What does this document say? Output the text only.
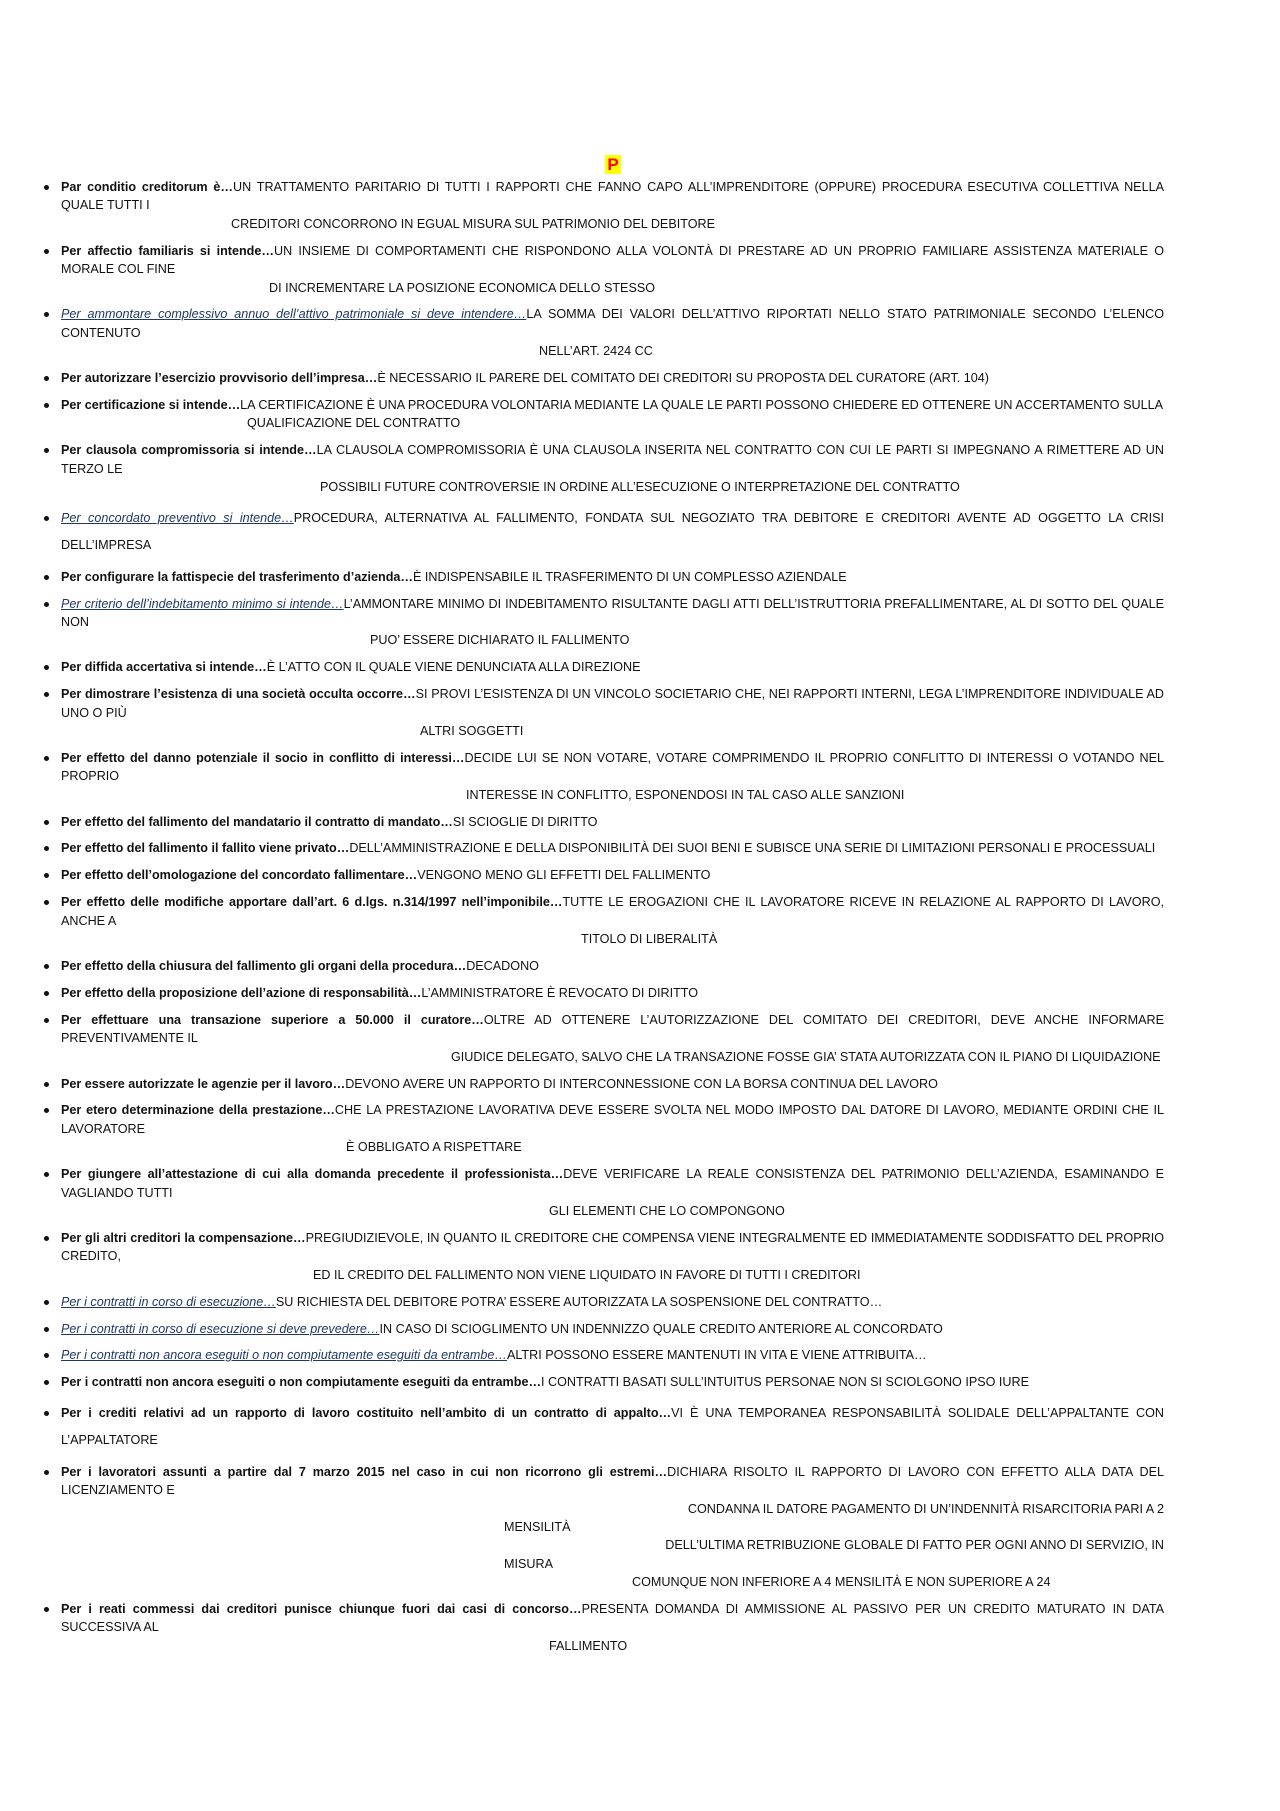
P
Par conditio creditorum è…UN TRATTAMENTO PARITARIO DI TUTTI I RAPPORTI CHE FANNO CAPO ALL’IMPRENDITORE (OPPURE) PROCEDURA ESECUTIVA COLLETTIVA NELLA QUALE TUTTI I
CREDITORI CONCORRONO IN EGUAL MISURA SUL PATRIMONIO DEL DEBITORE
Per affectio familiaris si intende…UN INSIEME DI COMPORTAMENTI CHE RISPONDONO ALLA VOLONTÀ DI PRESTARE AD UN PROPRIO FAMILIARE ASSISTENZA MATERIALE O MORALE COL FINE
DI INCREMENTARE LA POSIZIONE ECONOMICA DELLO STESSO
Per ammontare complessivo annuo dell’attivo patrimoniale si deve intendere…LA SOMMA DEI VALORI DELL’ATTIVO RIPORTATI NELLO STATO PATRIMONIALE SECONDO L’ELENCO CONTENUTO
NELL’ART. 2424 CC
Per autorizzare l’esercizio provvisorio dell’impresa…È NECESSARIO IL PARERE DEL COMITATO DEI CREDITORI SU PROPOSTA DEL CURATORE (ART. 104)
Per certificazione si intende…LA CERTIFICAZIONE È UNA PROCEDURA VOLONTARIA MEDIANTE LA QUALE LE PARTI POSSONO CHIEDERE ED OTTENERE UN ACCERTAMENTO SULLA
QUALIFICAZIONE DEL CONTRATTO
Per clausola compromissoria si intende…LA CLAUSOLA COMPROMISSORIA È UNA CLAUSOLA INSERITA NEL CONTRATTO CON CUI LE PARTI SI IMPEGNANO A RIMETTERE AD UN TERZO LE
POSSIBILI FUTURE CONTROVERSIE IN ORDINE ALL’ESECUZIONE O INTERPRETAZIONE DEL CONTRATTO
Per concordato preventivo si intende…PROCEDURA, ALTERNATIVA AL FALLIMENTO, FONDATA SUL NEGOZIATO TRA DEBITORE E CREDITORI AVENTE AD OGGETTO LA CRISI DELL’IMPRESA
Per configurare la fattispecie del trasferimento d’azienda…È INDISPENSABILE IL TRASFERIMENTO DI UN COMPLESSO AZIENDALE
Per criterio dell’indebitamento minimo si intende…L’AMMONTARE MINIMO DI INDEBITAMENTO RISULTANTE DAGLI ATTI DELL’ISTRUTTORIA PREFALLIMENTARE, AL DI SOTTO DEL QUALE NON
PUO’ ESSERE DICHIARATO IL FALLIMENTO
Per diffida accertativa si intende…È L’ATTO CON IL QUALE VIENE DENUNCIATA ALLA DIREZIONE
Per dimostrare l’esistenza di una società occulta occorre…SI PROVI L’ESISTENZA DI UN VINCOLO SOCIETARIO CHE, NEI RAPPORTI INTERNI, LEGA L’IMPRENDITORE INDIVIDUALE AD UNO O PIÙ
ALTRI SOGGETTI
Per effetto del danno potenziale il socio in conflitto di interessi…DECIDE LUI SE NON VOTARE, VOTARE COMPRIMENDO IL PROPRIO CONFLITTO DI INTERESSI O VOTANDO NEL PROPRIO
INTERESSE IN CONFLITTO, ESPONENDOSI IN TAL CASO ALLE SANZIONI
Per effetto del fallimento del mandatario il contratto di mandato…SI SCIOGLIE DI DIRITTO
Per effetto del fallimento il fallito viene privato…DELL’AMMINISTRAZIONE E DELLA DISPONIBILITÀ DEI SUOI BENI E SUBISCE UNA SERIE DI LIMITAZIONI PERSONALI E PROCESSUALI
Per effetto dell’omologazione del concordato fallimentare…VENGONO MENO GLI EFFETTI DEL FALLIMENTO
Per effetto delle modifiche apportare dall’art. 6 d.lgs. n.314/1997 nell’imponibile…TUTTE LE EROGAZIONI CHE IL LAVORATORE RICEVE IN RELAZIONE AL RAPPORTO DI LAVORO, ANCHE A
TITOLO DI LIBERALITÀ
Per effetto della chiusura del fallimento gli organi della procedura…DECADONO
Per effetto della proposizione dell’azione di responsabilità…L’AMMINISTRATORE È REVOCATO DI DIRITTO
Per effettuare una transazione superiore a 50.000 il curatore…OLTRE AD OTTENERE L’AUTORIZZAZIONE DEL COMITATO DEI CREDITORI, DEVE ANCHE INFORMARE PREVENTIVAMENTE IL
GIUDICE DELEGATO, SALVO CHE LA TRANSAZIONE FOSSE GIA’ STATA AUTORIZZATA CON IL PIANO DI LIQUIDAZIONE
Per essere autorizzate le agenzie per il lavoro…DEVONO AVERE UN RAPPORTO DI INTERCONNESSIONE CON LA BORSA CONTINUA DEL LAVORO
Per etero determinazione della prestazione…CHE LA PRESTAZIONE LAVORATIVA DEVE ESSERE SVOLTA NEL MODO IMPOSTO DAL DATORE DI LAVORO, MEDIANTE ORDINI CHE IL LAVORATORE
È OBBLIGATO A RISPETTARE
Per giungere all’attestazione di cui alla domanda precedente il professionista…DEVE VERIFICARE LA REALE CONSISTENZA DEL PATRIMONIO DELL’AZIENDA, ESAMINANDO E VAGLIANDO TUTTI
GLI ELEMENTI CHE LO COMPONGONO
Per gli altri creditori la compensazione…PREGIUDIZIEVOLE, IN QUANTO IL CREDITORE CHE COMPENSA VIENE INTEGRALMENTE ED IMMEDIATAMENTE SODDISFATTO DEL PROPRIO CREDITO,
ED IL CREDITO DEL FALLIMENTO NON VIENE LIQUIDATO IN FAVORE DI TUTTI I CREDITORI
Per i contratti in corso di esecuzione…SU RICHIESTA DEL DEBITORE POTRA’ ESSERE AUTORIZZATA LA SOSPENSIONE DEL CONTRATTO…
Per i contratti in corso di esecuzione si deve prevedere…IN CASO DI SCIOGLIMENTO UN INDENNIZZO QUALE CREDITO ANTERIORE AL CONCORDATO
Per i contratti non ancora eseguiti o non compiutamente eseguiti da entrambe…ALTRI POSSONO ESSERE MANTENUTI IN VITA E VIENE ATTRIBUITA…
Per i contratti non ancora eseguiti o non compiutamente eseguiti da entrambe…I CONTRATTI BASATI SULL’INTUITUS PERSONAE NON SI SCIOLGONO IPSO IURE
Per i crediti relativi ad un rapporto di lavoro costituito nell’ambito di un contratto di appalto…VI È UNA TEMPORANEA RESPONSABILITÀ SOLIDALE DELL’APPALTANTE CON L’APPALTATORE
Per i lavoratori assunti a partire dal 7 marzo 2015 nel caso in cui non ricorrono gli estremi…DICHIARA RISOLTO IL RAPPORTO DI LAVORO CON EFFETTO ALLA DATA DEL LICENZIAMENTO E
CONDANNA IL DATORE PAGAMENTO DI UN’INDENNITÀ RISARCITORIA PARI A 2
MENSILITÀ
DELL’ULTIMA RETRIBUZIONE GLOBALE DI FATTO PER OGNI ANNO DI SERVIZIO, IN
MISURA
COMUNQUE NON INFERIORE A 4 MENSILITÀ E NON SUPERIORE A 24
Per i reati commessi dai creditori punisce chiunque fuori dai casi di concorso…PRESENTA DOMANDA DI AMMISSIONE AL PASSIVO PER UN CREDITO MATURATO IN DATA SUCCESSIVA AL
FALLIMENTO
